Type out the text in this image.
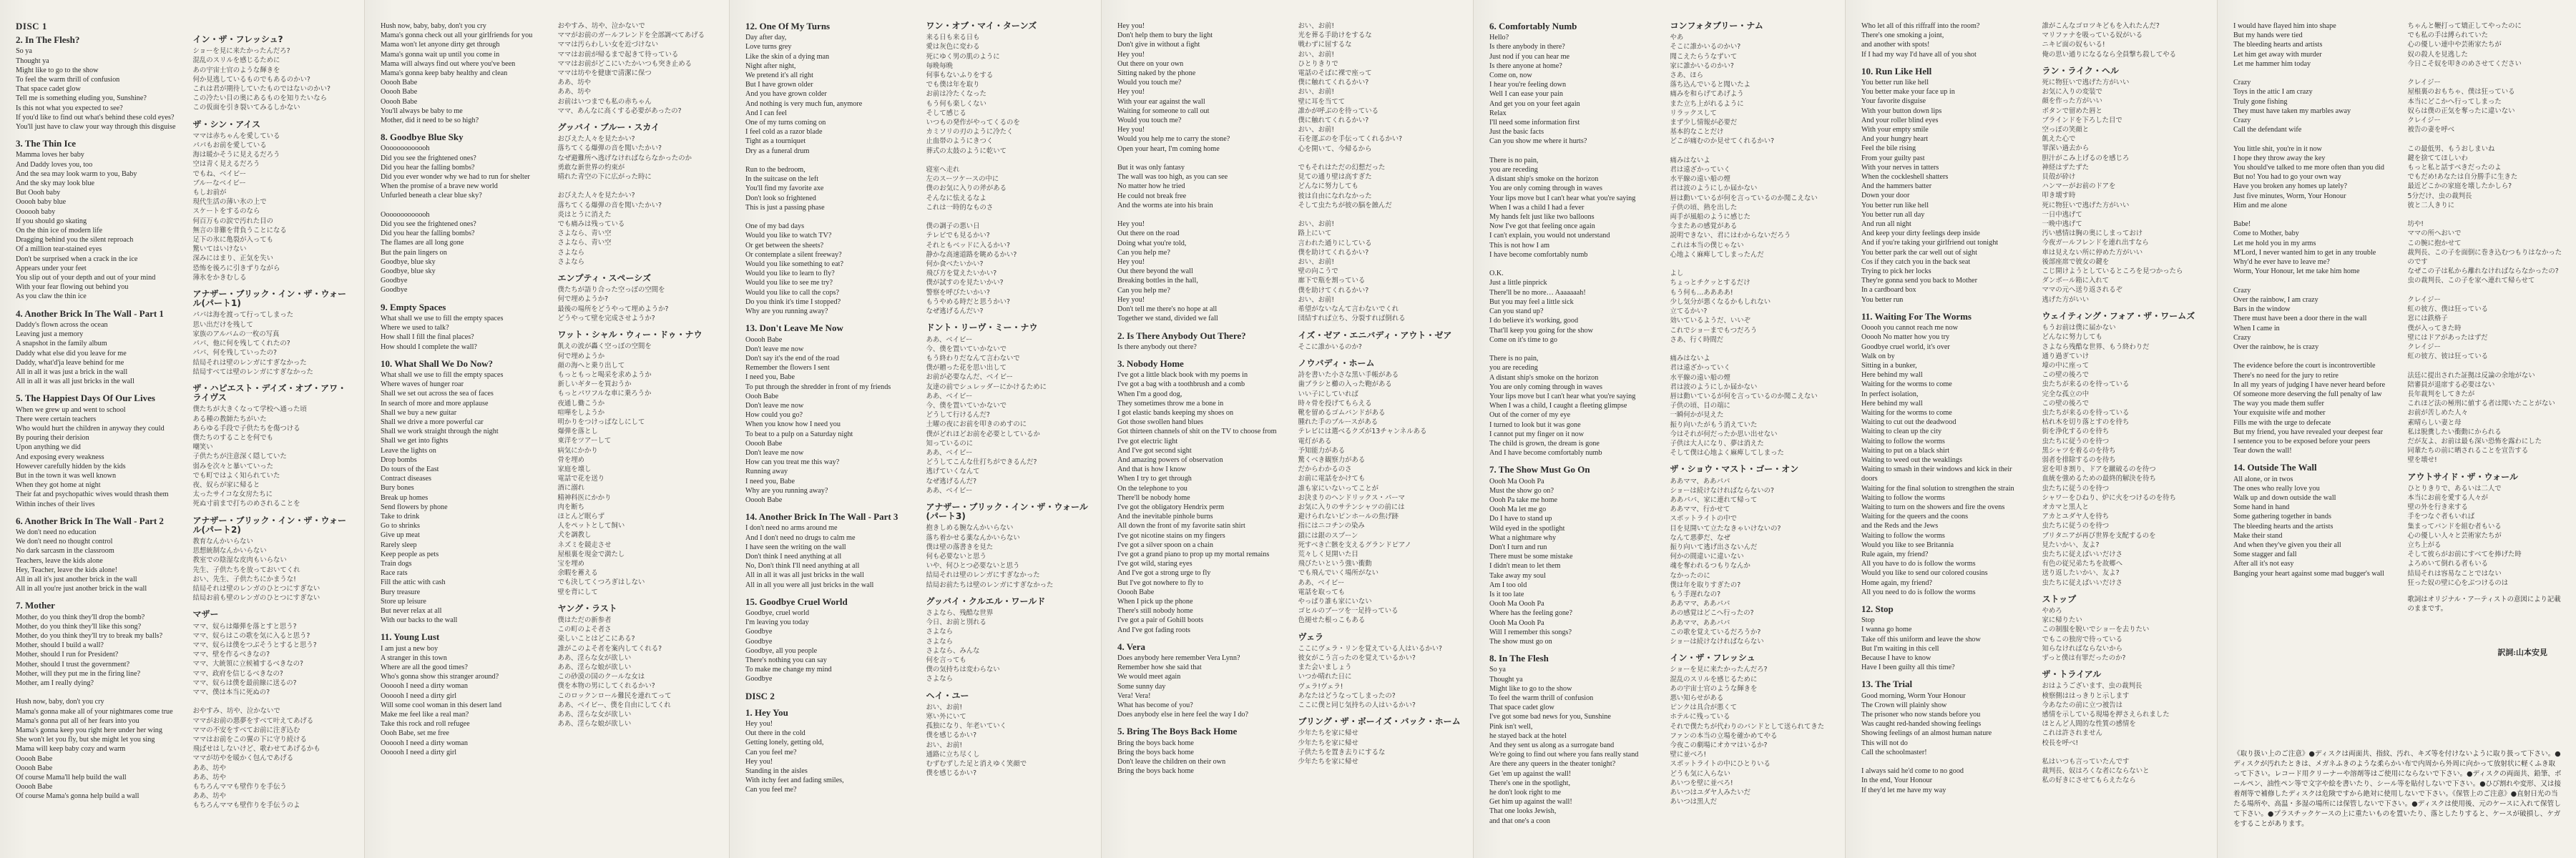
DISC 1
2. In The Flesh?
So ya
Thought ya
Might like to go to the show
To feel the warm thrill of confusion
That space cadet glow
Tell me is something eluding you, Sunshine?
Is this not what you expected to see?
If you'd like to find out what's behind these cold eyes?
You'll just have to claw your way through this disguise
3. The Thin Ice
Mamma loves her baby
And Daddy loves you, too
And the sea may look warm to you, Baby
And the sky may look blue
But Oooh baby
Ooooh baby blue
Oooooh baby
If you should go skating
On the thin ice of modern life
Dragging behind you the silent reproach
Of a million tear-stained eyes
Don't be surprised when a crack in the ice
Appears under your feet
You slip out of your depth and out of your mind
With your fear flowing out behind you
As you claw the thin ice
4. Another Brick In The Wall - Part 1
Daddy's flown across the ocean
Leaving just a memory
A snapshot in the family album
Daddy what else did you leave for me
Daddy, what'd'ja leave behind for me
All in all it was just a brick in the wall
All in all it was all just bricks in the wall
5. The Happiest Days Of Our Lives
When we grew up and went to school
There were certain teachers
Who would hurt the children in anyway they could
By pouring their derision
Upon anything we did
And exposing every weakness
However carefully hidden by the kids
But in the town it was well known
When they got home at night
Their fat and psychopathic wives would thrash them
Within inches of their lives
6. Another Brick In The Wall - Part 2
We don't need no education
We don't need no thought control
No dark sarcasm in the classroom
Teachers, leave the kids alone
Hey, Teacher, leave the kids alone!
All in all it's just another brick in the wall
All in all you're just another brick in the wall
7. Mother
Mother, do you think they'll drop the bomb?
Mother, do you think they'll like this song?
Mother, do you think they'll try to break my balls?
Mother, should I build a wall?
Mother, should I run for President?
Mother, should I trust the government?
Mother, will they put me in the firing line?
Mother, am I really dying?

Hush now, baby, don't you cry
Mama's gonna make all of your nightmares come true
Mama's gonna put all of her fears into you
Mama's gonna keep you right here under her wing
She won't let you fly, but she might let you sing
Mama will keep baby cozy and warm
Ooooh Babe
Ooooh Babe
Of course Mama'll help build the wall
Ooooh Babe
Of course Mama's gonna help build a wall
イン・ザ・フレッシュ?
ショーを見に来たかったんだろ?
混乱のスリルを感じるために
あの宇宙士官のような輝きを
何か見逃しているものでもあるのかい?
これは君が期待していたものではないのかい?
この冷たい目の奥にあるものを知りたいなら
この仮面を引き裂いてみるしかない
ザ・シン・アイス
ママは赤ちゃんを愛している
パパもお前を愛している
海は暖かそうに見えるだろう
空は青く見えるだろう
でもね、ベイビー
ブルーなベイビー
もしお前が
現代生活の薄い氷の上で
スケートをするのなら
何百万もの涙で汚れた目の
無言の非難を背負うことになる
足下の氷に亀裂が入っても
驚いてはいけない
深みにはまり、正気を失い
恐怖を後ろに引きずりながら
薄氷をかきむしる
アナザー・ブリック・イン・ザ・ウォール(パート1)
パパは海を渡って行ってしまった
思い出だけを残して
家族のアルバムの一枚の写真
パパ、他に何を残してくれたの?
パパ、何を残していったの?
結局それは壁のレンガにすぎなかった
結局すべては壁のレンガにすぎなかった
ザ・ハピエスト・デイズ・オブ・アワ・ライヴス
僕たちが大きくなって学校へ通った頃
ある種の教師たちがいた
あらゆる手段で子供たちを傷つける
僕たちのすることを何でも
嘲笑い
子供たちが注意深く隠していた
弱みを次々と暴いていった
でも町ではよく知られていた
夜、奴らが家に帰ると
太ったサイコな女房たちに
死ぬ寸前まで打ちのめされることを
アナザー・ブリック・イン・ザ・ウォール(パート2)
教育なんかいらない
思想統制なんかいらない
教室での陰湿な皮肉もいらない
先生、子供たちを放っておいてくれ
おい、先生、子供たちにかまうな!
結局それは壁のレンガのひとつにすぎない
結局お前も壁のレンガのひとつにすぎない
マザー
ママ、奴らは爆弾を落とすと思う?
ママ、奴らはこの歌を気に入ると思う?
ママ、奴らは僕をつぶそうとすると思う?
ママ、壁を作るべきなの?
ママ、大統領に立候補するべきなの?
ママ、政府を信じるべきなの?
ママ、奴らは僕を最前線に送るの?
ママ、僕は本当に死ぬの?

おやすみ、坊や、泣かないで
ママがお前の悪夢をすべて叶えてあげる
ママの不安をすべてお前に注ぎ込む
ママはお前をこの翼の下に守り続ける
飛ばせはしないけど、歌わせてあげるかも
ママが坊やを暖かく包んであげる
ああ、坊や
ああ、坊や
もちろんママも壁作りを手伝う
ああ、坊や
もちろんママも壁作りを手伝うのよ
Hush now, baby, baby, don't you cry
Mama's gonna check out all your girlfriends for you
Mama won't let anyone dirty get through
Mama's gonna wait up until you come in
Mama will always find out where you've been
Mama's gonna keep baby healthy and clean
Ooooh Babe
Ooooh Babe
Ooooh Babe
You'll always be baby to me
Mother, did it need to be so high?
8. Goodbye Blue Sky
Ooooooooooooh
Did you see the frightened ones?
Did you hear the falling bombs?
Did you ever wonder why we had to run for shelter
When the promise of a brave new world
Unfurled beneath a clear blue sky?

Ooooooooooooh
Did you see the frightened ones?
Did you hear the falling bombs?
The flames are all long gone
But the pain lingers on
Goodbye, blue sky
Goodbye, blue sky
Goodbye
Goodbye
9. Empty Spaces
What shall we use to fill the empty spaces
Where we used to talk?
How shall I fill the final places?
How should I complete the wall?
10. What Shall We Do Now?
What shall we use to fill the empty spaces
Where waves of hunger roar
Shall we set out across the sea of faces
In search of more and more applause
Shall we buy a new guitar
Shall we drive a more powerful car
Shall we work straight through the night
Shall we get into fights
Leave the lights on
Drop bombs
Do tours of the East
Contract diseases
Bury bones
Break up homes
Send flowers by phone
Take to drink
Go to shrinks
Give up meat
Rarely sleep
Keep people as pets
Train dogs
Race rats
Fill the attic with cash
Bury treasure
Store up leisure
But never relax at all
With our backs to the wall
11. Young Lust
I am just a new boy
A stranger in this town
Where are all the good times?
Who's gonna show this stranger around?
Oooooh I need a dirty woman
Oooooh I need a dirty girl
Will some cool woman in this desert land
Make me feel like a real man?
Take this rock and roll refugee
Oooh Babe, set me free
Oooooh I need a dirty woman
Oooooh I need a dirty girl
おやすみ、坊や、泣かないで
ママがお前のガールフレンドを全部調べてあげる
ママは汚らわしい女を近づけない
ママはお前が帰るまで起きて待っている
ママはお前がどこにいたかいつも突き止める
ママは坊やを健康で清潔に保つ
ああ、坊や
ああ、坊や
お前はいつまでも私の赤ちゃん
ママ、あんなに高くする必要があったの?
グッバイ・ブルー・スカイ
おびえた人々を見たかい?
落ちてくる爆弾の音を聞いたかい?
なぜ避難所へ逃げなければならなかったのか
勇敢な新世界の約束が
晴れた青空の下に広がった時に

おびえた人々を見たかい?
落ちてくる爆弾の音を聞いたかい?
炎はとうに消えた
でも痛みは残っている
さよなら、青い空
さよなら、青い空
さよなら
さよなら
エンプティ・スペーシズ
僕たちが語り合った空っぽの空間を
何で埋めようか?
最後の場所をどうやって埋めようか?
どうやって壁を完成させようか?
ワット・シャル・ウィー・ドゥ・ナウ
飢えの波が轟く空っぽの空間を
何で埋めようか
顔の海へと乗り出して
もっともっと喝采を求めようか
新しいギターを買おうか
もっとパワフルな車に乗ろうか
夜通し働こうか
喧嘩をしようか
明かりをつけっぱなしにして
爆弾を落とし
東洋をツアーして
病気にかかり
骨を埋め
家庭を壊し
電話で花を送り
酒に溺れ
精神科医にかかり
肉を断ち
ほとんど眠らず
人をペットとして飼い
犬を調教し
ネズミを競走させ
屋根裏を現金で満たし
宝を埋め
余暇を蓄える
でも決してくつろぎはしない
壁を背にして
ヤング・ラスト
僕はただの新参者
この町のよそ者さ
楽しいことはどこにある?
誰がこのよそ者を案内してくれる?
ああ、淫らな女が欲しい
ああ、淫らな娘が欲しい
この砂漠の国のクールな女は
僕を本物の男にしてくれるかい?
このロックンロール難民を連れてって
ああ、ベイビー、僕を自由にしてくれ
ああ、淫らな女が欲しい
ああ、淫らな娘が欲しい
12. One Of My Turns
Day after day,
Love turns grey
Like the skin of a dying man
Night after night,
We pretend it's all right
But I have grown older
And you have grown colder
And nothing is very much fun, anymore
And I can feel
One of my turns coming on
I feel cold as a razor blade
Tight as a tourniquet
Dry as a funeral drum

Run to the bedroom,
In the suitcase on the left
You'll find my favorite axe
Don't look so frightened
This is just a passing phase

One of my bad days
Would you like to watch TV?
Or get between the sheets?
Or contemplate a silent freeway?
Would you like something to eat?
Would you like to learn to fly?
Would you like to see me try?
Would you like to call the cops?
Do you think it's time I stopped?
Why are you running away?
13. Don't Leave Me Now
Ooooh Babe
Don't leave me now
Don't say it's the end of the road
Remember the flowers I sent
I need you, Babe
To put through the shredder in front of my friends
Oooh Babe
Don't leave me now
How could you go?
When you know how I need you
To beat to a pulp on a Saturday night
Ooooh Babe
Don't leave me now
How can you treat me this way?
Running away
I need you, Babe
Why are you running away?
Ooooh Babe
14. Another Brick In The Wall - Part 3
I don't need no arms around me
And I don't need no drugs to calm me
I have seen the writing on the wall
Don't think I need anything at all
No, Don't think I'll need anything at all
All in all it was all just bricks in the wall
All in all you were all just bricks in the wall
15. Goodbye Cruel World
Goodbye, cruel world
I'm leaving you today
Goodbye
Goodbye
Goodbye, all you people
There's nothing you can say
To make me change my mind
Goodbye
DISC 2
1. Hey You
Hey you!
Out there in the cold
Getting lonely, getting old,
Can you feel me?
Hey you!
Standing in the aisles
With itchy feet and fading smiles,
Can you feel me?
ワン・オブ・マイ・ターンズ
来る日も来る日も
愛は灰色に変わる
死にゆく男の肌のように
毎晩毎晩
何事もないふりをする
でも僕は年を取り
お前は冷たくなった
もう何も楽しくない
そして感じる
いつもの発作がやってくるのを
カミソリの刃のように冷たく
止血帯のようにきつく
葬式の太鼓のように乾いて

寝室へ走れ
左のスーツケースの中に
僕のお気に入りの斧がある
そんなに怯えるなよ
これは一時的なものさ

僕の調子の悪い日
テレビでも見るかい?
それともベッドに入るかい?
静かな高速道路を眺めるかい?
何か食べたいかい?
飛び方を覚えたいかい?
僕が試すのを見たいかい?
警察を呼びたいかい?
もうやめる時だと思うかい?
なぜ逃げるんだい?
ドント・リーヴ・ミー・ナウ
ああ、ベイビー
今、僕を置いていかないで
もう終わりだなんて言わないで
僕が贈った花を思い出して
お前が必要なんだ、ベイビー
友達の前でシュレッダーにかけるために
ああ、ベイビー
今、僕を置いていかないで
どうして行けるんだ?
土曜の夜にお前を叩きのめすのに
僕がどれほどお前を必要としているか
知っているのに
ああ、ベイビー
どうしてこんな仕打ちができるんだ?
逃げていくなんて
なぜ逃げるんだ?
ああ、ベイビー
アナザー・ブリック・イン・ザ・ウォール(パート3)
抱きしめる腕なんかいらない
落ち着かせる薬なんかいらない
僕は壁の落書きを見た
何も必要ないと思う
いや、何ひとつ必要ないと思う
結局それは壁のレンガにすぎなかった
結局お前たちは壁のレンガにすぎなかった
グッバイ・クルエル・ワールド
さよなら、残酷な世界
今日、お前と別れる
さよなら
さよなら
さよなら、みんな
何を言っても
僕の気持ちは変わらない
さよなら
ヘイ・ユー
おい、お前!
寒い外にいて
孤独になり、年老いていく
僕を感じるかい?
おい、お前!
通路に立ち尽くし
むずむずした足と消えゆく笑顔で
僕を感じるかい?
Hey you!
Don't help them to bury the light
Don't give in without a fight
Hey you!
Out there on your own
Sitting naked by the phone
Would you touch me?
Hey you!
With your ear against the wall
Waiting for someone to call out
Would you touch me?
Hey you!
Would you help me to carry the stone?
Open your heart, I'm coming home

But it was only fantasy
The wall was too high, as you can see
No matter how he tried
He could not break free
And the worms ate into his brain

Hey you!
Out there on the road
Doing what you're told,
Can you help me?
Hey you!
Out there beyond the wall
Breaking bottles in the hall,
Can you help me?
Hey you!
Don't tell me there's no hope at all
Together we stand, divided we fall
2. Is There Anybody Out There?
Is there anybody out there?
3. Nobody Home
I've got a little black book with my poems in
I've got a bag with a toothbrush and a comb
When I'm a good dog,
They sometimes throw me a bone in
I got elastic bands keeping my shoes on
Got those swollen hand blues
Got thirteen channels of shit on the TV to choose from
I've got electric light
And I've got second sight
And amazing powers of observation
And that is how I know
When I try to get through
On the telephone to you
There'll be nobody home
I've got the obligatory Hendrix perm
And the inevitable pinhole burns
All down the front of my favorite satin shirt
I've got nicotine stains on my fingers
I've got a silver spoon on a chain
I've got a grand piano to prop up my mortal remains
I've got wild, staring eyes
And I've got a strong urge to fly
But I've got nowhere to fly to
Ooooh Babe
When I pick up the phone
There's still nobody home
I've got a pair of Gohill boots
And I've got fading roots
4. Vera
Does anybody here remember Vera Lynn?
Remember how she said that
We would meet again
Some sunny day
Vera! Vera!
What has become of you?
Does anybody else in here feel the way I do?
5. Bring The Boys Back Home
Bring the boys back home
Bring the boys back home
Don't leave the children on their own
Bring the boys back home
おい、お前!
光を葬る手助けをするな
戦わずに屈するな
おい、お前!
ひとりきりで
電話のそばに裸で座って
僕に触れてくれるかい?
おい、お前!
壁に耳を当てて
誰かが呼ぶのを待っている
僕に触れてくれるかい?
おい、お前!
石を運ぶのを手伝ってくれるかい?
心を開いて、今帰るから

でもそれはただの幻想だった
見ての通り壁は高すぎた
どんなに努力しても
彼は自由になれなかった
そして虫たちが彼の脳を蝕んだ

おい、お前!
路上にいて
言われた通りにしている
僕を助けてくれるかい?
おい、お前!
壁の向こうで
廊下で瓶を割っている
僕を助けてくれるかい?
おい、お前!
希望がないなんて言わないでくれ
団結すれば立ち、分裂すれば倒れる
イズ・ゼア・エニバディ・アウト・ゼア
そこに誰かいるのか?
ノウバディ・ホーム
詩を書いた小さな黒い手帳がある
歯ブラシと櫛の入った鞄がある
いい子にしていれば
時々骨を投げてもらえる
靴を留めるゴムバンドがある
腫れた手のブルースがある
テレビには選べるクズが13チャンネルある
電灯がある
予知能力がある
驚くべき観察力がある
だからわかるのさ
お前に電話をかけても
誰も家にいないってことが
お決まりのヘンドリックス・パーマ
お気に入りのサテンシャツの前には
避けられないピンホールの焦げ跡
指にはニコチンの染み
鎖には銀のスプーン
死すべき亡骸を支えるグランドピアノ
荒々しく見開いた目
飛びたいという強い衝動
でも飛んでいく場所がない
ああ、ベイビー
電話を取っても
やっぱり誰も家にいない
ゴヒルのブーツを一足持っている
色褪せた根っこもある
ヴェラ
ここにヴェラ・リンを覚えている人はいるかい?
彼女がこう言ったのを覚えているかい?
また会いましょう
いつか晴れた日に
ヴェラ!ヴェラ!
あなたはどうなってしまったの?
ここに僕と同じ気持ちの人はいるかい?
ブリング・ザ・ボーイズ・バック・ホーム
少年たちを家に帰せ
少年たちを家に帰せ
子供たちを置き去りにするな
少年たちを家に帰せ
6. Comfortably Numb
Hello?
Is there anybody in there?
Just nod if you can hear me
Is there anyone at home?
Come on, now
I hear you're feeling down
Well I can ease your pain
And get you on your feet again
Relax
I'll need some information first
Just the basic facts
Can you show me where it hurts?

There is no pain,
you are receding
A distant ship's smoke on the horizon
You are only coming through in waves
Your lips move but I can't hear what you're saying
When I was a child I had a fever
My hands felt just like two balloons
Now I've got that feeling once again
I can't explain, you would not understand
This is not how I am
I have become comfortably numb

O.K.
Just a little pinprick
There'll be no more… Aaaaaaah!
But you may feel a little sick
Can you stand up?
I do believe it's working, good
That'll keep you going for the show
Come on it's time to go

There is no pain,
you are receding
A distant ship's smoke on the horizon
You are only coming through in waves
Your lips move but I can't hear what you're saying
When I was a child, I caught a fleeting glimpse
Out of the corner of my eye
I turned to look but it was gone
I cannot put my finger on it now
The child is grown, the dream is gone
And I have become comfortably numb
7. The Show Must Go On
Oooh Ma Oooh Pa
Must the show go on?
Oooh Pa take me home
Oooh Ma let me go
Do I have to stand up
Wild eyed in the spotlight
What a nightmare why
Don't I turn and run
There must be some mistake
I didn't mean to let them
Take away my soul
Am I too old
Is it too late
Oooh Ma Oooh Pa
Where has the feeling gone?
Oooh Ma Oooh Pa
Will I remember this songs?
The show must go on
8. In The Flesh
So ya
Thought ya
Might like to go to the show
To feel the warm thrill of confusion
That space cadet glow
I've got some bad news for you, Sunshine
Pink isn't well,
he stayed back at the hotel
And they sent us along as a surrogate band
We're going to find out where you fans really stand
Are there any queers in the theater tonight?
Get 'em up against the wall!
There's one in the spotlight,
he don't look right to me
Get him up against the wall!
That one looks Jewish,
and that one's a coon
コンフォタブリー・ナム
やあ
そこに誰かいるのかい?
聞こえたらうなずいて
家に誰かいるのかい?
さあ、ほら
落ち込んでいると聞いたよ
痛みを和らげてあげよう
また立ち上がれるように
リラックスして
まず少し情報が必要だ
基本的なことだけ
どこが痛むのか見せてくれるかい?

痛みはないよ
君は遠ざかっていく
水平線の遠い船の煙
君は波のようにしか届かない
唇は動いているが何を言っているのか聞こえない
子供の頃、熱を出した
両手が風船のように感じた
今またあの感覚がある
説明できない、君にはわからないだろう
これは本当の僕じゃない
心地よく麻痺してしまったんだ

よし
ちょっとチクッとするだけ
もう何も…ああああ!
少し気分が悪くなるかもしれない
立てるかい?
効いているようだ、いいぞ
これでショーまでもつだろう
さあ、行く時間だ

痛みはないよ
君は遠ざかっていく
水平線の遠い船の煙
君は波のようにしか届かない
唇は動いているが何を言っているのか聞こえない
子供の頃、目の端に
一瞬何かが見えた
振り向いたがもう消えていた
今はそれが何だったか思い出せない
子供は大人になり、夢は消えた
そして僕は心地よく麻痺してしまった
ザ・ショウ・マスト・ゴー・オン
ああママ、ああパパ
ショーは続けなければならないの?
ああパパ、家に連れて帰って
ああママ、行かせて
スポットライトの中で
目を見開いて立たなきゃいけないの?
なんて悪夢だ、なぜ
振り向いて逃げ出さないんだ
何かの間違いに違いない
魂を奪われるつもりなんか
なかったのに
僕は年を取りすぎたの?
もう手遅れなの?
ああママ、ああパパ
あの感覚はどこへ行ったの?
ああママ、ああパパ
この歌を覚えているだろうか?
ショーは続けなければならない
イン・ザ・フレッシュ
ショーを見に来たかったんだろ?
混乱のスリルを感じるために
あの宇宙士官のような輝きを
悪い知らせがある
ピンクは具合が悪くて
ホテルに残っている
それで僕たちが代わりのバンドとして送られてきた
ファンの本当の立場を確かめてやる
今夜この劇場にオカマはいるか?
壁に並べろ!
スポットライトの中にひとりいる
どうも気に入らない
あいつを壁に並べろ!
あいつはユダヤ人みたいだ
あいつは黒人だ
Who let all of this riffraff into the room?
There's one smoking a joint,
and another with spots!
If I had my way I'd have all of you shot
10. Run Like Hell
You better run like hell
You better make your face up in
Your favorite disguise
With your button down lips
And your roller blind eyes
With your empty smile
And your hungry heart
Feel the bile rising
From your guilty past
With your nerves in tatters
When the cockleshell shatters
And the hammers batter
Down your door
You better run like hell
You better run all day
And run all night
And keep your dirty feelings deep inside
And if you're taking your girlfriend out tonight
You better park the car well out of sight
Cos if they catch you in the back seat
Trying to pick her locks
They're gonna send you back to Mother
In a cardboard box
You better run
11. Waiting For The Worms
Ooooh you cannot reach me now
Ooooh No matter how you try
Goodbye cruel world, it's over
Walk on by
Sitting in a bunker,
Here behind my wall
Waiting for the worms to come
In perfect isolation,
Here behind my wall
Waiting for the worms to come
Waiting to cut out the deadwood
Waiting to clean up the city
Waiting to follow the worms
Waiting to put on a black shirt
Waiting to weed out the weaklings
Waiting to smash in their windows and kick in their doors
Waiting for the final solution to strengthen the strain
Waiting to follow the worms
Waiting to turn on the showers and fire the ovens
Waiting for the queers and the coons
and the Reds and the Jews
Waiting to follow the worms
Would you like to see Britannia
Rule again, my friend?
All you have to do is follow the worms
Would you like to send our colored cousins
Home again, my friend?
All you need to do is follow the worms
12. Stop
Stop
I wanna go home
Take off this uniform and leave the show
But I'm waiting in this cell
Because I have to know
Have I been guilty all this time?
13. The Trial
Good morning, Worm Your Honour
The Crown will plainly show
The prisoner who now stands before you
Was caught red-handed showing feelings
Showing feelings of an almost human nature
This will not do
Call the schoolmaster!

I always said he'd come to no good
In the end, Your Honour
If they'd let me have my way
誰がこんなゴロツキどもを入れたんだ?
マリファナを吸っている奴がいる
ニキビ面の奴もいる!
俺の思い通りになるなら全員撃ち殺してやる
ラン・ライク・ヘル
死に物狂いで逃げた方がいい
お気に入りの変装で
顔を作った方がいい
ボタンで留めた唇と
ブラインドを下ろした目で
空っぽの笑顔と
飢えた心で
罪深い過去から
胆汁がこみ上げるのを感じろ
神経はずたずた
貝殻が砕け
ハンマーがお前のドアを
叩き壊す時
死に物狂いで逃げた方がいい
一日中逃げて
一晩中逃げて
汚い感情は胸の奥にしまっておけ
今夜ガールフレンドを連れ出すなら
車は見えない所に停めた方がいい
後部座席で彼女の鍵を
こじ開けようとしているところを見つかったら
ダンボール箱に入れて
ママの元へ送り返されるぞ
逃げた方がいい
ウェイティング・フォア・ザ・ワームズ
もうお前は僕に届かない
どんなに努力しても
さよなら残酷な世界、もう終わりだ
通り過ぎていけ
壕の中に座って
この壁の後ろで
虫たちが来るのを待っている
完全な孤立の中
この壁の後ろで
虫たちが来るのを待っている
枯れ木を切り落とすのを待ち
街を浄化するのを待ち
虫たちに従うのを待つ
黒シャツを着るのを待ち
弱者を排除するのを待ち
窓を叩き割り、ドアを蹴破るのを待つ
血統を強めるための最終的解決を待ち
虫たちに従うのを待つ
シャワーをひねり、炉に火をつけるのを待ち
オカマと黒人と
アカとユダヤ人を待ち
虫たちに従うのを待つ
ブリタニアが再び世界を支配するのを
見たいかい、友よ?
虫たちに従えばいいだけさ
有色の従兄弟たちを故郷へ
送り返したいかい、友よ?
虫たちに従えばいいだけさ
ストップ
やめろ
家に帰りたい
この制服を脱いでショーを去りたい
でもこの独房で待っている
知らなければならないから
ずっと僕は有罪だったのか?
ザ・トライアル
おはようございます、虫の裁判長
検察側ははっきりと示します
今あなたの前に立つ被告は
感情を示している現場を押さえられました
ほとんど人間的な性質の感情を
これは許されません
校長を呼べ!

私はいつも言っていたんです
裁判長、奴はろくな者にならないと
私の好きにさせてもらえたなら
I would have flayed him into shape
But my hands were tied
The bleeding hearts and artists
Let him get away with murder
Let me hammer him today

Crazy
Toys in the attic I am crazy
Truly gone fishing
They must have taken my marbles away
Crazy
Call the defendant wife

You little shit, you're in it now
I hope they throw away the key
You should've talked to me more often than you did
But no! You had to go your own way
Have you broken any homes up lately?
Just five minutes, Worm, Your Honour
Him and me alone

Babe!
Come to Mother, baby
Let me hold you in my arms
M'Lord, I never wanted him to get in any trouble
Why'd he ever have to leave me?
Worm, Your Honour, let me take him home

Crazy
Over the rainbow, I am crazy
Bars in the window
There must have been a door there in the wall
When I came in
Crazy
Over the rainbow, he is crazy

The evidence before the court is incontrovertible
There's no need for the jury to retire
In all my years of judging I have never heard before
Of someone more deserving the full penalty of law
The way you made them suffer
Your exquisite wife and mother
Fills me with the urge to defecate
But my friend, you have revealed your deepest fear
I sentence you to be exposed before your peers
Tear down the wall!
14. Outside The Wall
All alone, or in twos
The ones who really love you
Walk up and down outside the wall
Some hand in hand
Some gathering together in bands
The bleeding hearts and the artists
Make their stand
And when they've given you their all
Some stagger and fall
After all it's not easy
Banging your heart against some mad bugger's wall
ちゃんと鞭打って矯正してやったのに
でも私の手は縛られていた
心の優しい連中や芸術家たちが
奴の殺人を見逃した
今日こそ奴を叩きのめさせてください

クレイジー
屋根裏のおもちゃ、僕は狂っている
本当にどこかへ行ってしまった
奴らは僕の正気を奪ったに違いない
クレイジー
被告の妻を呼べ

この最低男、もうおしまいね
鍵を捨ててほしいわ
もっと私と話すべきだったのよ
でもだめ!あなたは自分勝手に生きた
最近どこかの家庭を壊したかしら?
5分だけ、虫の裁判長
彼と二人きりに

坊や!
ママの所へおいで
この腕に抱かせて
裁判長、この子を面倒に巻き込むつもりはなかったのです
なぜこの子は私から離れなければならなかったの?
虫の裁判長、この子を家へ連れて帰らせて

クレイジー
虹の彼方、僕は狂っている
窓には鉄格子
僕が入ってきた時
壁にはドアがあったはずだ
クレイジー
虹の彼方、彼は狂っている

法廷に提出された証拠は反論の余地がない
陪審員が退席する必要はない
長年裁判をしてきたが
これほど法の極刑に値する者は聞いたことがない
お前が苦しめた人々
素晴らしい妻と母
私は脱糞したい衝動にかられる
だが友よ、お前は最も深い恐怖を露わにした
同輩たちの前に晒されることを宣告する
壁を壊せ!
アウトサイド・ザ・ウォール
ひとりきりで、あるいは二人で
本当にお前を愛する人々が
壁の外を行き来する
手をつなぐ者もいれば
集まってバンドを組む者もいる
心の優しい人々と芸術家たちが
立ち上がる
そして彼らがお前にすべてを捧げた時
よろめいて倒れる者もいる
結局それは容易なことではない
狂った奴の壁に心をぶつけるのは
歌詞はオリジナル・アーティストの意図により記載のままです。
訳詞:山本安見
《取り扱い上のご注意》●ディスクは両面共、指紋、汚れ、キズ等を付けないように取り扱って下さい。●ディスクが汚れたときは、メガネふきのような柔らかい布で内周から外周に向かって放射状に軽くふき取って下さい。レコード用クリーナーや溶剤等はご使用にならないで下さい。●ディスクの両面共、鉛筆、ボールペン、油性ペン等で文字や絵を書いたり、シール等を貼付しないで下さい。●ひび割れや変形、又は接着剤等で補修したディスクは危険ですから絶対に使用しないで下さい。《保管上のご注意》●直射日光の当たる場所や、高温・多湿の場所には保管しないで下さい。●ディスクは使用後、元のケースに入れて保管して下さい。●プラスチックケースの上に重たいものを置いたり、落としたりすると、ケースが破損し、ケガをすることがあります。
